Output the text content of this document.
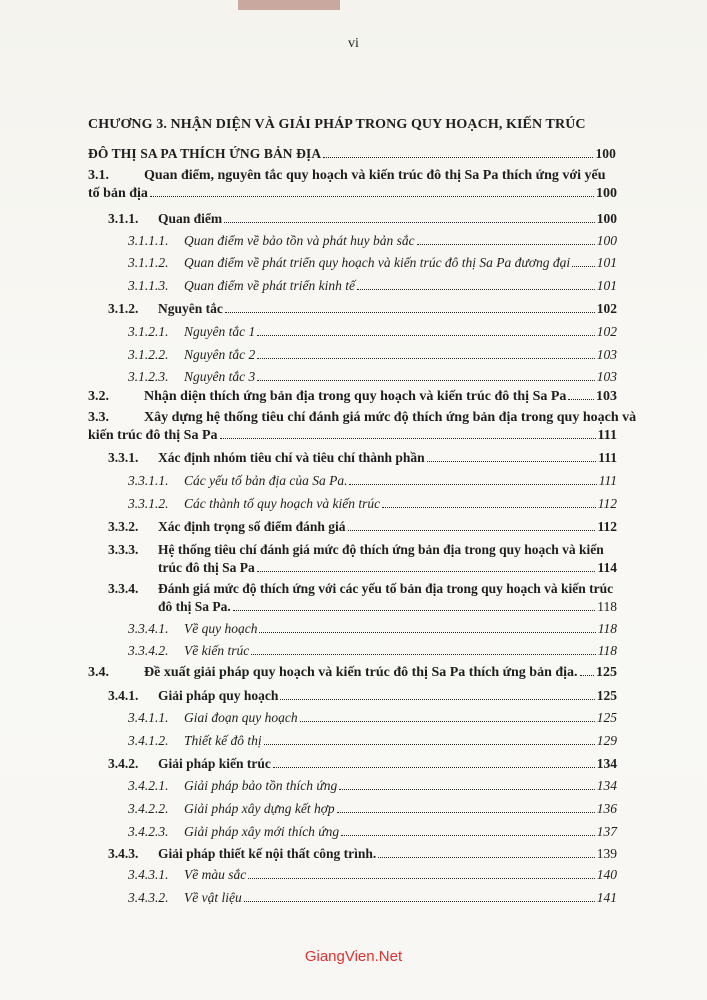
vi
CHƯƠNG 3. NHẬN DIỆN VÀ GIẢI PHÁP TRONG QUY HOẠCH, KIẾN TRÚC
ĐÔ THỊ SA PA THÍCH ỨNG BẢN ĐỊA	100
3.1.	Quan điểm, nguyên tắc quy hoạch và kiến trúc đô thị Sa Pa thích ứng với yếu
tố bản địa	100
3.1.1.	Quan điểm	100
3.1.1.1.	Quan điểm về bảo tồn và phát huy bản sắc	100
3.1.1.2.	Quan điểm về phát triển quy hoạch và kiến trúc đô thị Sa Pa đương đại 101
3.1.1.3.	Quan điểm về phát triển kinh tế	101
3.1.2.	Nguyên tắc	102
3.1.2.1.	Nguyên tắc 1	102
3.1.2.2.	Nguyên tắc 2	103
3.1.2.3.	Nguyên tắc 3	103
3.2.	Nhận diện thích ứng bản địa trong quy hoạch và kiến trúc đô thị Sa Pa 103
3.3.	Xây dựng hệ thống tiêu chí đánh giá mức độ thích ứng bản địa trong quy hoạch và
kiến trúc đô thị Sa Pa	111
3.3.1.	Xác định nhóm tiêu chí và tiêu chí thành phần	111
3.3.1.1.	Các yếu tố bản địa của Sa Pa.	111
3.3.1.2.	Các thành tố quy hoạch và kiến trúc	112
3.3.2.	Xác định trọng số điểm đánh giá	112
3.3.3. Hệ thống tiêu chí đánh giá mức độ thích ứng bản địa trong quy hoạch và kiến
trúc đô thị Sa Pa	114
3.3.4. Đánh giá mức độ thích ứng với các yếu tố bản địa trong quy hoạch và kiến trúc
đô thị Sa Pa.	118
3.3.4.1.	Về quy hoạch	118
3.3.4.2.	Về kiến trúc	118
3.4.	Đề xuất giải pháp quy hoạch và kiến trúc đô thị Sa Pa thích ứng bản địa. 125
3.4.1.	Giải pháp quy hoạch	125
3.4.1.1.	Giai đoạn quy hoạch	125
3.4.1.2.	Thiết kế đô thị	129
3.4.2.	Giải pháp kiến trúc	134
3.4.2.1.	Giải pháp bảo tồn thích ứng	134
3.4.2.2.	Giải pháp xây dựng kết hợp	136
3.4.2.3.	Giải pháp xây mới thích ứng	137
3.4.3.	Giải pháp thiết kế nội thất công trình.	139
3.4.3.1.	Về màu sắc	140
3.4.3.2.	Về vật liệu	141
GiangVien.Net
